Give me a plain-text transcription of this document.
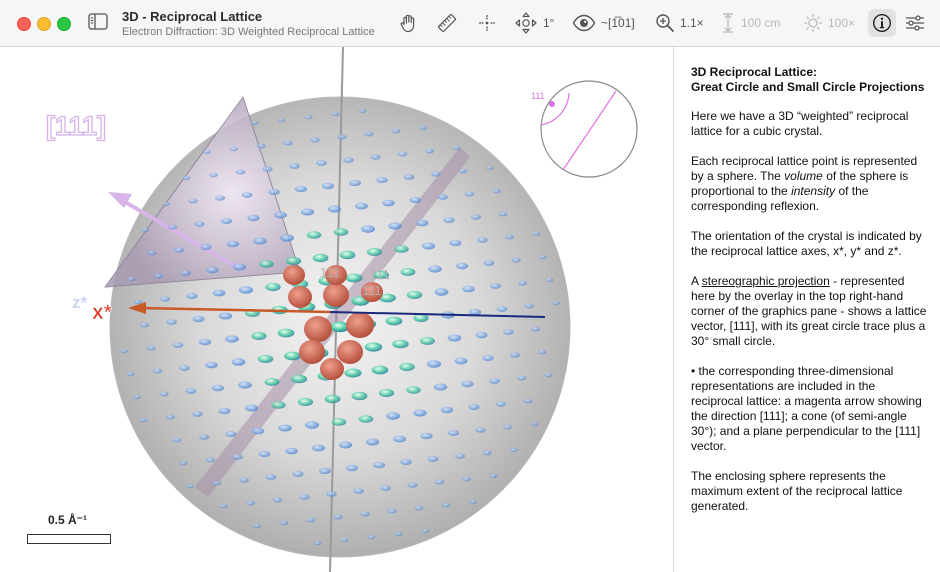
3D - Reciprocal Lattice
Electron Diffraction: 3D Weighted Reciprocal Lattice
1°	~[1̅01]	1.1×	100 cm	100×
111 111
111
z* x*
[111]
111
0.5 Å⁻¹
3D Reciprocal Lattice:
Great Circle and Small Circle Projections

Here we have a 3D “weighted” reciprocal lattice for a cubic crystal.

Each reciprocal lattice point is represented by a sphere. The volume of the sphere is proportional to the intensity of the corresponding reflexion.

The orientation of the crystal is indicated by the reciprocal lattice axes, x*, y* and z*.

A stereographic projection - represented here by the overlay in the top right-hand corner of the graphics pane - shows a lattice vector, [111], with its great circle trace plus a 30° small circle.

• the corresponding three-dimensional representations are included in the reciprocal lattice: a magenta arrow showing the direction [111]; a cone (of semi-angle 30°); and a plane perpendicular to the [111] vector.

The enclosing sphere represents the maximum extent of the reciprocal lattice generated.
